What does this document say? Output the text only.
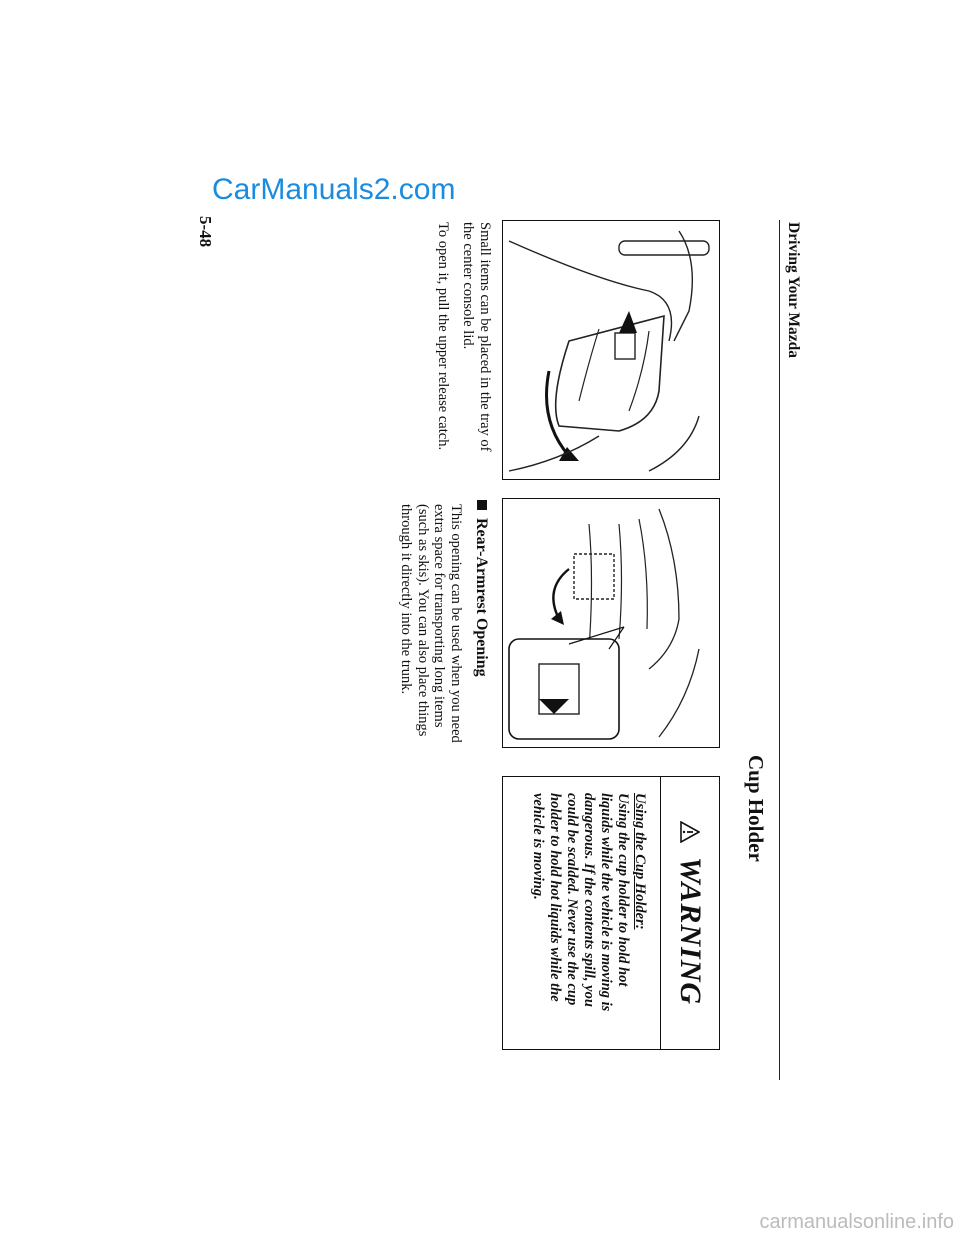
CarManuals2.com
carmanualsonline.info
Driving Your Mazda
Cup Holder
Small items can be placed in the tray of
the center console lid.
To open it, pull the upper release catch.
Rear-Armrest Opening
This opening can be used when you need
extra space for transporting long items
(such as skis). You can also place things
through it directly into the trunk.
WARNING
Using the Cup Holder:
Using the cup holder to hold hot
liquids while the vehicle is moving is
dangerous. If the contents spill, you
could be scalded. Never use the cup
holder to hold hot liquids while the
vehicle is moving.
5-48
